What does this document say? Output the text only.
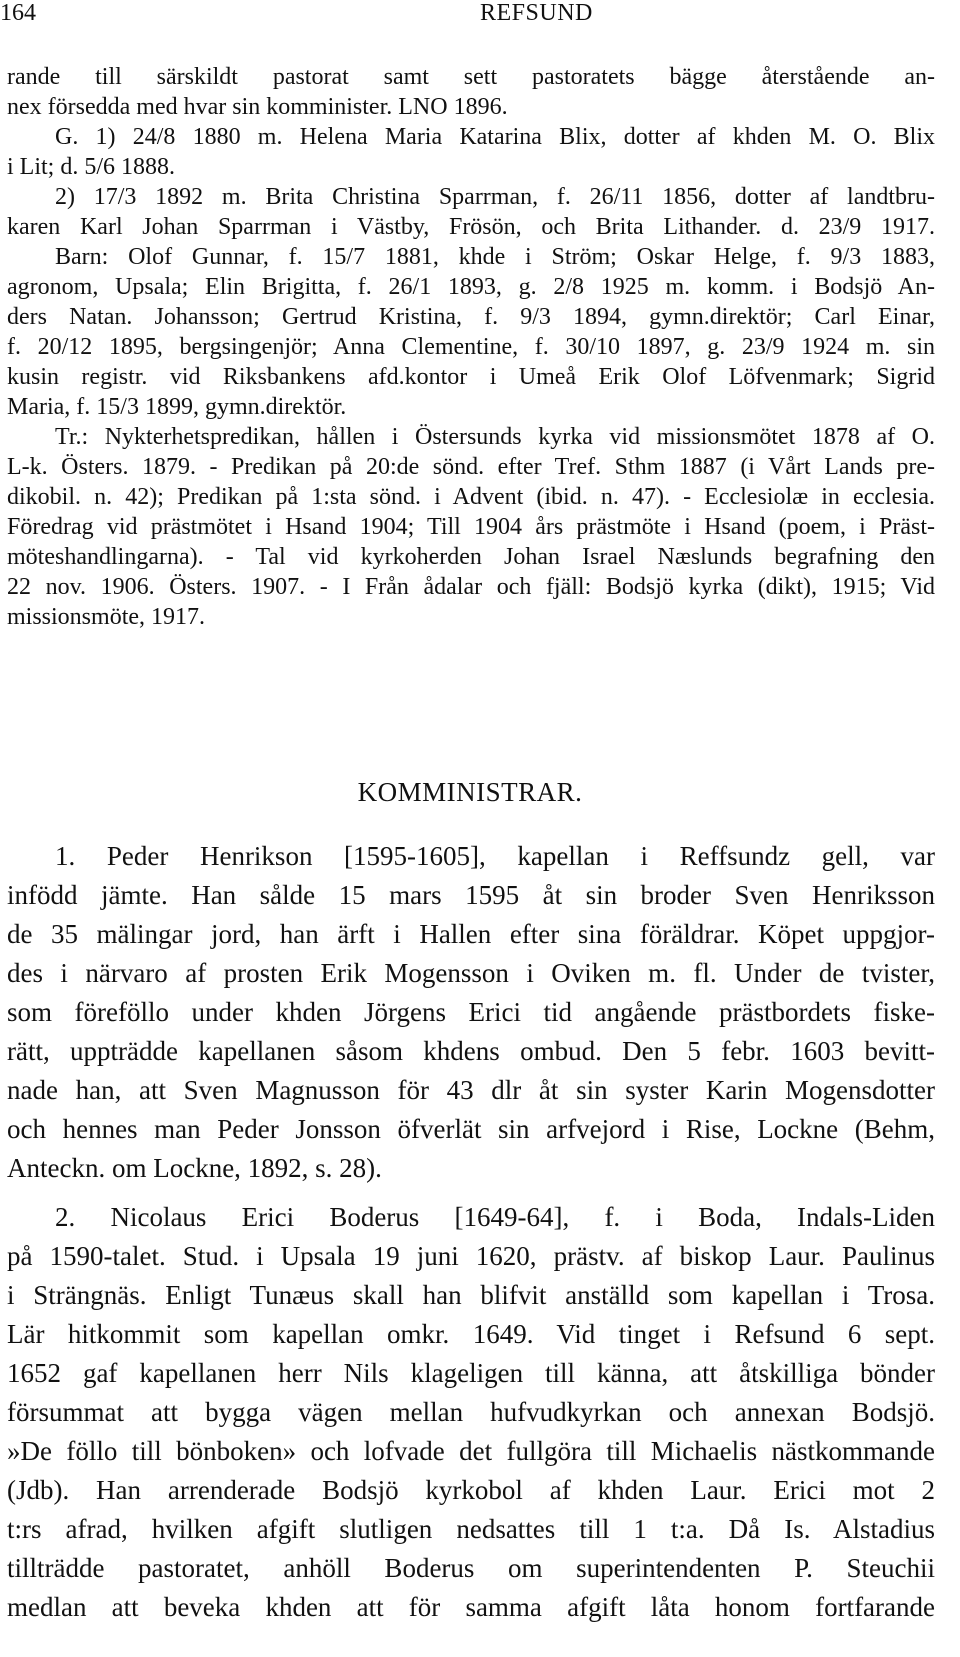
164	REFSUND

rande till särskildt pastorat samt sett pastoratets bägge återstående an-

nex försedda med hvar sin komminister. LNO 1896.

G. 1) 24/8 1880 m. Helena Maria Katarina Blix, dotter af khden M. O. Blix

i Lit; d. 5/6 1888.

2) 17/3 1892 m. Brita Christina Sparrman, f. 26/11 1856, dotter af landtbru-

karen Karl Johan Sparrman i Västby, Frösön, och Brita Lithander. d. 23/9 1917.

Barn: Olof Gunnar, f. 15/7 1881, khde i Ström; Oskar Helge, f. 9/3 1883,

agronom, Upsala; Elin Brigitta, f. 26/1 1893, g. 2/8 1925 m. komm. i Bodsjö An-

ders Natan. Johansson; Gertrud Kristina, f. 9/3 1894, gymn.direktör; Carl Einar,

f. 20/12 1895, bergsingenjör; Anna Clementine, f. 30/10 1897, g. 23/9 1924 m. sin

kusin registr. vid Riksbankens afd.kontor i Umeå Erik Olof Löfvenmark; Sigrid

Maria, f. 15/3 1899, gymn.direktör.

Tr.: Nykterhetspredikan, hållen i Östersunds kyrka vid missionsmötet 1878 af O.

L-k. Östers. 1879. - Predikan på 20:de sönd. efter Tref. Sthm 1887 (i Vårt Lands pre-

dikobil. n. 42); Predikan på 1:sta sönd. i Advent (ibid. n. 47). - Ecclesiolæ in ecclesia.

Föredrag vid prästmötet i Hsand 1904; Till 1904 års prästmöte i Hsand (poem, i Präst-

möteshandlingarna). - Tal vid kyrkoherden Johan Israel Næslunds begrafning den

22 nov. 1906. Östers. 1907. - I Från ådalar och fjäll: Bodsjö kyrka (dikt), 1915; Vid

missionsmöte, 1917.

KOMMINISTRAR.

1. Peder Henrikson [1595-1605], kapellan i Reffsundz gell, var

infödd jämte. Han sålde 15 mars 1595 åt sin broder Sven Henriksson

de 35 mälingar jord, han ärft i Hallen efter sina föräldrar. Köpet uppgjor-

des i närvaro af prosten Erik Mogensson i Oviken m. fl. Under de tvister,

som föreföllo under khden Jörgens Erici tid angående prästbordets fiske-

rätt, uppträdde kapellanen såsom khdens ombud. Den 5 febr. 1603 bevitt-

nade han, att Sven Magnusson för 43 dlr åt sin syster Karin Mogensdotter

och hennes man Peder Jonsson öfverlät sin arfvejord i Rise, Lockne (Behm,

Anteckn. om Lockne, 1892, s. 28).

2. Nicolaus Erici Boderus [1649-64], f. i Boda, Indals-Liden

på 1590-talet. Stud. i Upsala 19 juni 1620, prästv. af biskop Laur. Paulinus

i Strängnäs. Enligt Tunæus skall han blifvit anställd som kapellan i Trosa.

Lär hitkommit som kapellan omkr. 1649. Vid tinget i Refsund 6 sept.

1652 gaf kapellanen herr Nils klageligen till känna, att åtskilliga bönder

försummat att bygga vägen mellan hufvudkyrkan och annexan Bodsjö.

»De föllo till bönboken» och lofvade det fullgöra till Michaelis nästkommande

(Jdb). Han arrenderade Bodsjö kyrkobol af khden Laur. Erici mot 2

t:rs afrad, hvilken afgift slutligen nedsattes till 1 t:a. Då Is. Alstadius

tillträdde pastoratet, anhöll Boderus om superintendenten P. Steuchii

medlan att beveka khden att för samma afgift låta honom fortfarande
